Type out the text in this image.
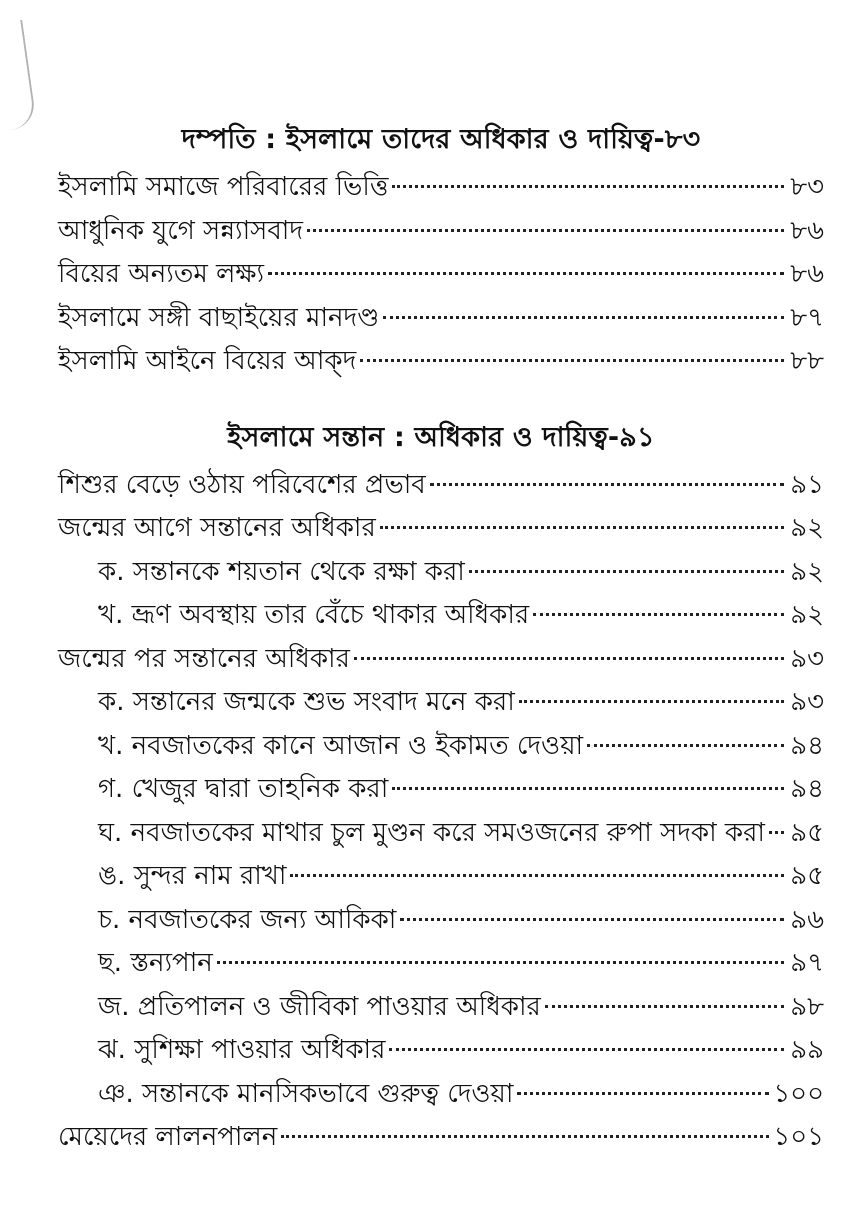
দম্পতি : ইসলামে তাদের অধিকার ও দায়িত্ব-৮৩
ইসলামি সমাজে পরিবারের ভিত্তি	৮৩
আধুনিক যুগে সন্ন্যাসবাদ	৮৬
বিয়ের অন্যতম লক্ষ্য	৮৬
ইসলামে সঙ্গী বাছাইয়ের মানদণ্ড	৮৭
ইসলামি আইনে বিয়ের আক্‌দ	৮৮
ইসলামে সন্তান : অধিকার ও দায়িত্ব-৯১
শিশুর বেড়ে ওঠায় পরিবেশের প্রভাব	৯১
জন্মের আগে সন্তানের অধিকার	৯২
ক. সন্তানকে শয়তান থেকে রক্ষা করা	৯২
খ. ভ্রূণ অবস্থায় তার বেঁচে থাকার অধিকার	৯২
জন্মের পর সন্তানের অধিকার	৯৩
ক. সন্তানের জন্মকে শুভ সংবাদ মনে করা	৯৩
খ. নবজাতকের কানে আজান ও ইকামত দেওয়া	৯৪
গ. খেজুর দ্বারা তাহনিক করা	৯৪
ঘ. নবজাতকের মাথার চুল মুণ্ডন করে সমওজনের রুপা সদকা করা ৯৫
ঙ. সুন্দর নাম রাখা	৯৫
চ. নবজাতকের জন্য আকিকা	৯৬
ছ. স্তন্যপান	৯৭
জ. প্রতিপালন ও জীবিকা পাওয়ার অধিকার	৯৮
ঝ. সুশিক্ষা পাওয়ার অধিকার	৯৯
ঞ. সন্তানকে মানসিকভাবে গুরুত্ব দেওয়া	১০০
মেয়েদের লালনপালন	১০১
